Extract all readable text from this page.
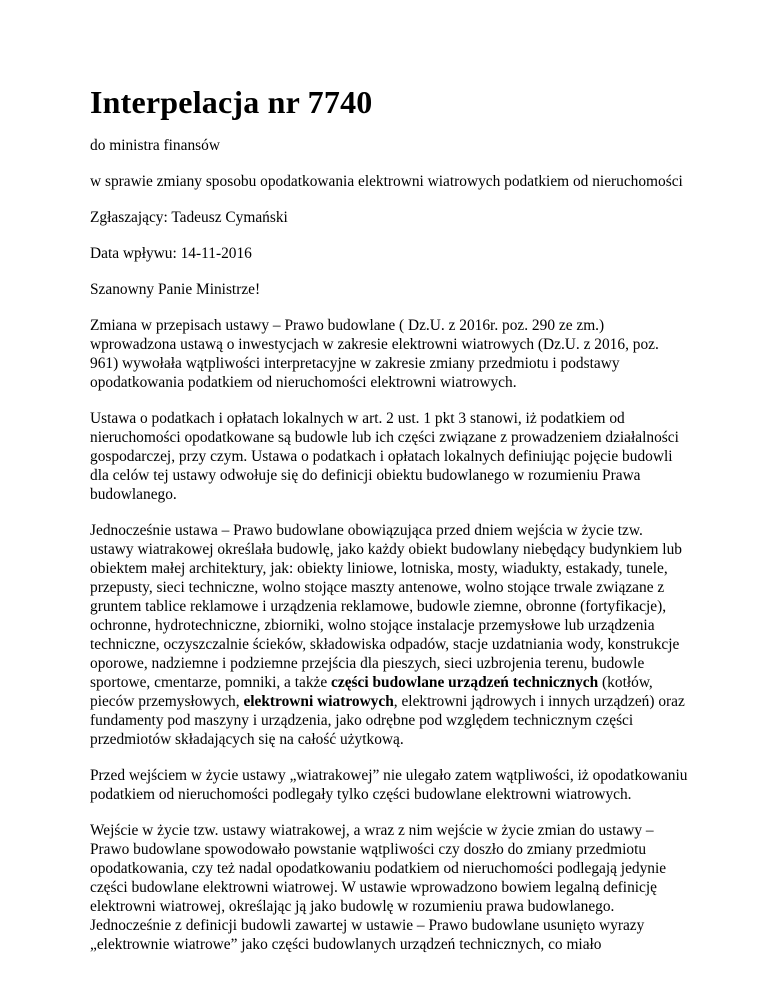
Interpelacja nr 7740

do ministra finansów

w sprawie zmiany sposobu opodatkowania elektrowni wiatrowych podatkiem od nieruchomości

Zgłaszający: Tadeusz Cymański

Data wpływu: 14-11-2016

Szanowny Panie Ministrze!

Zmiana w przepisach ustawy – Prawo budowlane ( Dz.U. z 2016r. poz. 290 ze zm.) wprowadzona ustawą o inwestycjach w zakresie elektrowni wiatrowych (Dz.U. z 2016, poz. 961) wywołała wątpliwości interpretacyjne w zakresie zmiany przedmiotu i podstawy opodatkowania podatkiem od nieruchomości elektrowni wiatrowych.

Ustawa o podatkach i opłatach lokalnych w art. 2 ust. 1 pkt 3 stanowi, iż podatkiem od nieruchomości opodatkowane są budowle lub ich części związane z prowadzeniem działalności gospodarczej, przy czym. Ustawa o podatkach i opłatach lokalnych definiując pojęcie budowli dla celów tej ustawy odwołuje się do definicji obiektu budowlanego w rozumieniu Prawa budowlanego.

Jednocześnie ustawa – Prawo budowlane obowiązująca przed dniem wejścia w życie tzw. ustawy wiatrakowej określała budowlę, jako każdy obiekt budowlany niebędący budynkiem lub obiektem małej architektury, jak: obiekty liniowe, lotniska, mosty, wiadukty, estakady, tunele, przepusty, sieci techniczne, wolno stojące maszty antenowe, wolno stojące trwale związane z gruntem tablice reklamowe i urządzenia reklamowe, budowle ziemne, obronne (fortyfikacje), ochronne, hydrotechniczne, zbiorniki, wolno stojące instalacje przemysłowe lub urządzenia techniczne, oczyszczalnie ścieków, składowiska odpadów, stacje uzdatniania wody, konstrukcje oporowe, nadziemne i podziemne przejścia dla pieszych, sieci uzbrojenia terenu, budowle sportowe, cmentarze, pomniki, a także części budowlane urządzeń technicznych (kotłów, pieców przemysłowych, elektrowni wiatrowych, elektrowni jądrowych i innych urządzeń) oraz fundamenty pod maszyny i urządzenia, jako odrębne pod względem technicznym części przedmiotów składających się na całość użytkową.

Przed wejściem w życie ustawy „wiatrakowej” nie ulegało zatem wątpliwości, iż opodatkowaniu podatkiem od nieruchomości podlegały tylko części budowlane elektrowni wiatrowych.

Wejście w życie tzw. ustawy wiatrakowej, a wraz z nim wejście w życie zmian do ustawy – Prawo budowlane spowodowało powstanie wątpliwości czy doszło do zmiany przedmiotu opodatkowania, czy też nadal opodatkowaniu podatkiem od nieruchomości podlegają jedynie części budowlane elektrowni wiatrowej. W ustawie wprowadzono bowiem legalną definicję elektrowni wiatrowej, określając ją jako budowlę w rozumieniu prawa budowlanego. Jednocześnie z definicji budowli zawartej w ustawie – Prawo budowlane usunięto wyrazy „elektrownie wiatrowe” jako części budowlanych urządzeń technicznych, co miało
